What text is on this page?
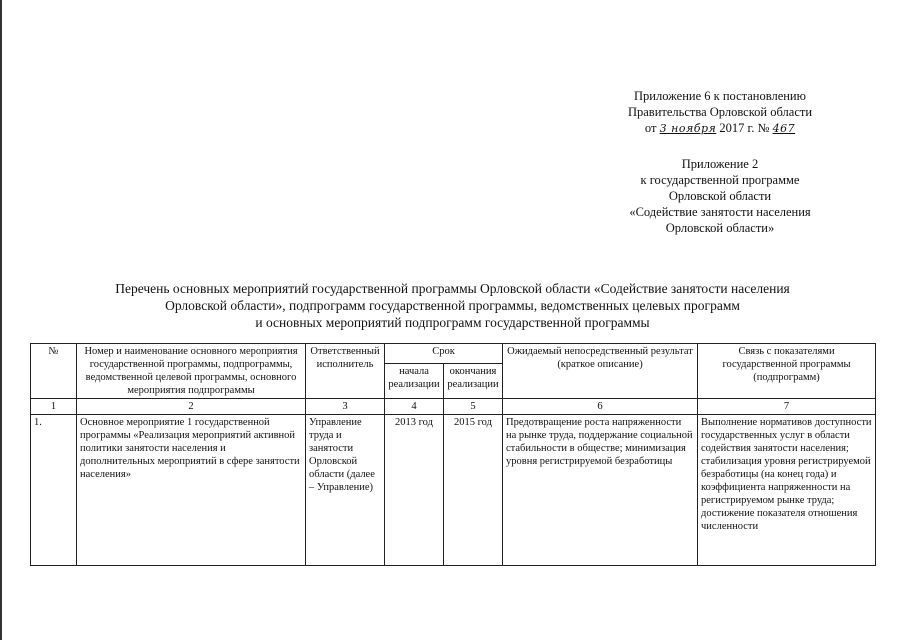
Приложение 6 к постановлению
Правительства Орловской области
от 3 ноября 2017 г. № 467
Приложение 2
к государственной программе
Орловской области
«Содействие занятости населения
Орловской области»
Перечень основных мероприятий государственной программы Орловской области «Содействие занятости населения
Орловской области», подпрограмм государственной программы, ведомственных целевых программ
и основных мероприятий подпрограмм государственной программы
№	Номер и наименование основного мероприятия государственной программы, подпрограммы, ведомственной целевой программы, основного мероприятия подпрограммы	Ответственный исполнитель	Срок		Ожидаемый непосредственный результат (краткое описание)	Связь с показателями государственной программы (подпрограмм)
			начала реализации	окончания реализации		
1	2	3	4	5	6	7
1.	Основное мероприятие 1 государственной программы «Реализация мероприятий активной политики занятости населения и дополнительных мероприятий в сфере занятости населения»	Управление труда и занятости Орловской области (далее – Управление)	2013 год	2015 год	Предотвращение роста напряженности на рынке труда, поддержание социальной стабильности в обществе; минимизация уровня регистрируемой безработицы	Выполнение нормативов доступности государственных услуг в области содействия занятости населения; стабилизация уровня регистрируемой безработицы (на конец года) и коэффициента напряженности на регистрируемом рынке труда; достижение показателя отношения численности
